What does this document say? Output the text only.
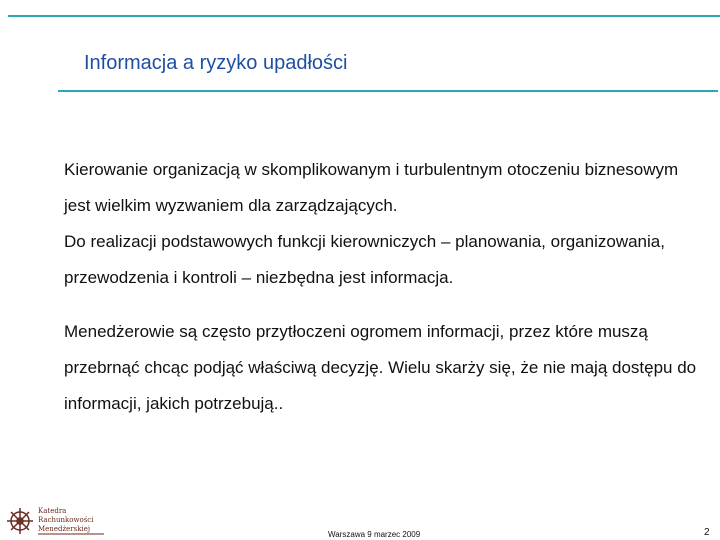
Informacja a ryzyko upadłości

Kierowanie organizacją w skomplikowanym i turbulentnym otoczeniu biznesowym jest wielkim wyzwaniem dla zarządzających.

Do realizacji podstawowych funkcji kierowniczych – planowania, organizowania, przewodzenia i kontroli – niezbędna jest informacja.

Menedżerowie są często przytłoczeni ogromem informacji, przez które muszą przebrnąć chcąc podjąć właściwą decyzję. Wielu skarży się, że nie mają dostępu do informacji, jakich potrzebują..

Katedra
Rachunkowości
Menedżerskiej
Warszawa 9 marzec 2009	2
